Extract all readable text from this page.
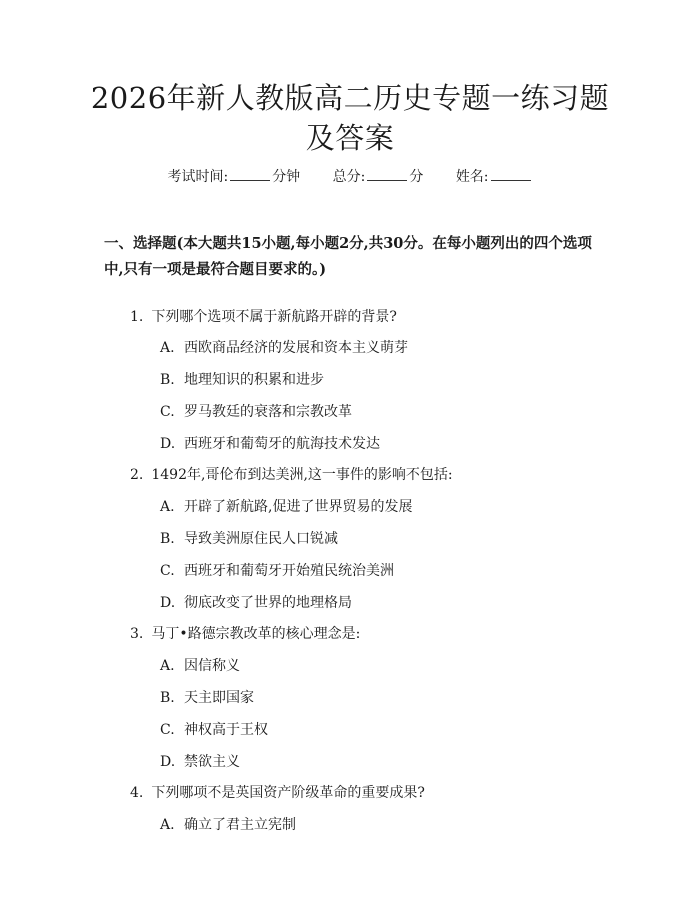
2026年新人教版高二历史专题一练习题及答案
考试时间:	分钟 总分:	分 姓名:
一、选择题(本大题共15小题,每小题2分,共30分。在每小题列出的四个选项中,只有一项是最符合题目要求的。)
1. 下列哪个选项不属于新航路开辟的背景?
A. 西欧商品经济的发展和资本主义萌芽
B. 地理知识的积累和进步
C. 罗马教廷的衰落和宗教改革
D. 西班牙和葡萄牙的航海技术发达
2. 1492年,哥伦布到达美洲,这一事件的影响不包括:
A. 开辟了新航路,促进了世界贸易的发展
B. 导致美洲原住民人口锐减
C. 西班牙和葡萄牙开始殖民统治美洲
D. 彻底改变了世界的地理格局
3. 马丁•路德宗教改革的核心理念是:
A. 因信称义
B. 天主即国家
C. 神权高于王权
D. 禁欲主义
4. 下列哪项不是英国资产阶级革命的重要成果?
A. 确立了君主立宪制
